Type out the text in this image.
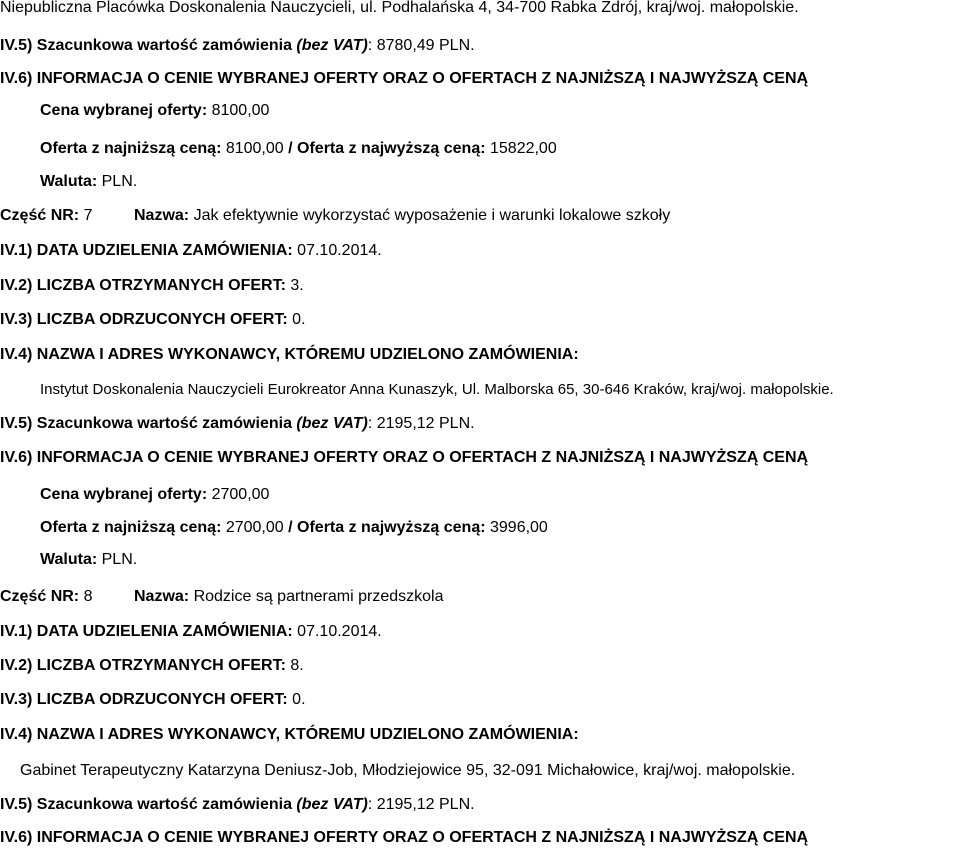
Niepubliczna Placówka Doskonalenia Nauczycieli, ul. Podhalańska 4, 34-700 Rabka Zdrój, kraj/woj. małopolskie.
IV.5) Szacunkowa wartość zamówienia (bez VAT): 8780,49 PLN.
IV.6) INFORMACJA O CENIE WYBRANEJ OFERTY ORAZ O OFERTACH Z NAJNIŻSZĄ I NAJWYŻSZĄ CENĄ
Cena wybranej oferty: 8100,00
Oferta z najniższą ceną: 8100,00 / Oferta z najwyższą ceną: 15822,00
Waluta: PLN.
Część NR: 7	Nazwa: Jak efektywnie wykorzystać wyposażenie i warunki lokalowe szkoły
IV.1) DATA UDZIELENIA ZAMÓWIENIA: 07.10.2014.
IV.2) LICZBA OTRZYMANYCH OFERT: 3.
IV.3) LICZBA ODRZUCONYCH OFERT: 0.
IV.4) NAZWA I ADRES WYKONAWCY, KTÓREMU UDZIELONO ZAMÓWIENIA:
Instytut Doskonalenia Nauczycieli Eurokreator Anna Kunaszyk, Ul. Malborska 65, 30-646 Kraków, kraj/woj. małopolskie.
IV.5) Szacunkowa wartość zamówienia (bez VAT): 2195,12 PLN.
IV.6) INFORMACJA O CENIE WYBRANEJ OFERTY ORAZ O OFERTACH Z NAJNIŻSZĄ I NAJWYŻSZĄ CENĄ
Cena wybranej oferty: 2700,00
Oferta z najniższą ceną: 2700,00 / Oferta z najwyższą ceną: 3996,00
Waluta: PLN.
Część NR: 8	Nazwa: Rodzice są partnerami przedszkola
IV.1) DATA UDZIELENIA ZAMÓWIENIA: 07.10.2014.
IV.2) LICZBA OTRZYMANYCH OFERT: 8.
IV.3) LICZBA ODRZUCONYCH OFERT: 0.
IV.4) NAZWA I ADRES WYKONAWCY, KTÓREMU UDZIELONO ZAMÓWIENIA:
Gabinet Terapeutyczny Katarzyna Deniusz-Job, Młodziejowice 95, 32-091 Michałowice, kraj/woj. małopolskie.
IV.5) Szacunkowa wartość zamówienia (bez VAT): 2195,12 PLN.
IV.6) INFORMACJA O CENIE WYBRANEJ OFERTY ORAZ O OFERTACH Z NAJNIŻSZĄ I NAJWYŻSZĄ CENĄ
